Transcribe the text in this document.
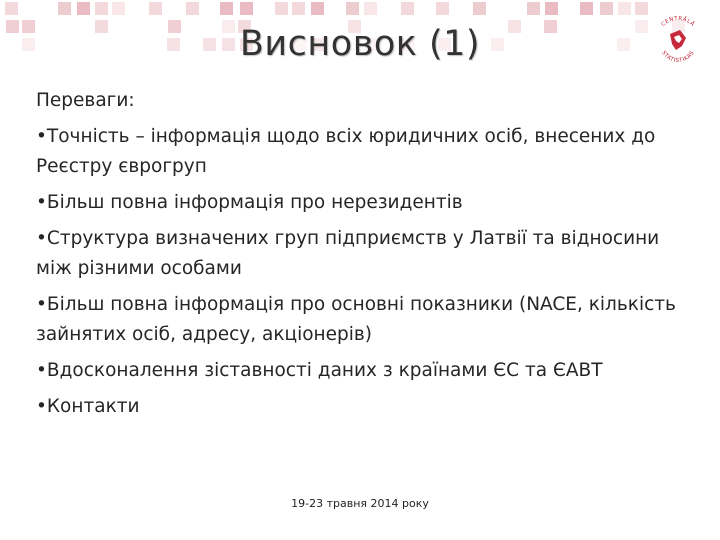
Висновок (1)	CENTRĀLĀ
STATISTIKAS
Переваги:
•Точність – інформація щодо всіх юридичних осіб, внесених до Реєстру єврогруп
•Більш повна інформація про нерезидентів
•Структура визначених груп підприємств у Латвії та відносини між різними особами
•Більш повна інформація про основні показники (NACE, кількість зайнятих осіб, адресу, акціонерів)
•Вдосконалення зіставності даних з країнами ЄС та ЄАВТ
•Контакти
19-23 травня 2014 року
